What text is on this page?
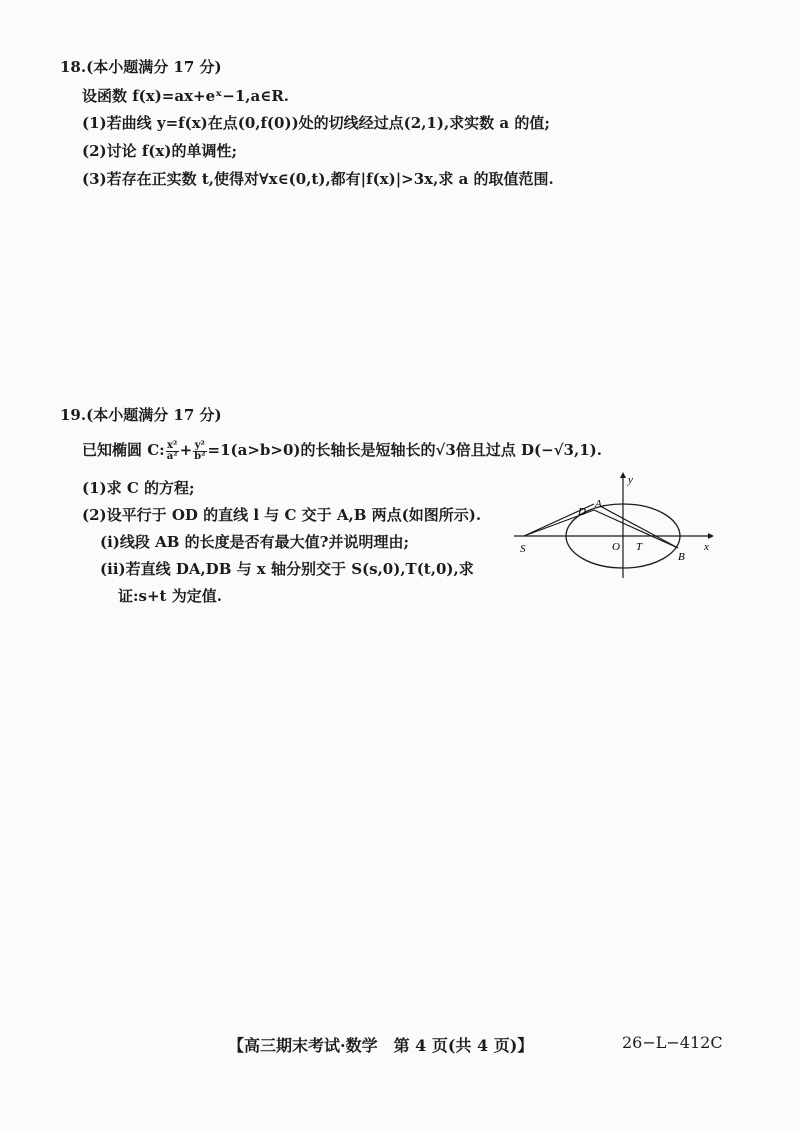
18.(本小题满分 17 分)
设函数 f(x)=ax+eˣ−1,a∈R.
(1)若曲线 y=f(x)在点(0,f(0))处的切线经过点(2,1),求实数 a 的值;
(2)讨论 f(x)的单调性;
(3)若存在正实数 t,使得对∀x∈(0,t),都有|f(x)|>3x,求 a 的取值范围.
19.(本小题满分 17 分)
已知椭圆 C: $\frac{\text{x²}}{\text{a²}} + \frac{\text{y²}}{\text{b²}} =1(a>b>0)$的长轴长是短轴长的√3倍且过点 D(−√3,1).
(1)求 C 的方程;
(2)设平行于 OD 的直线 l 与 C 交于 A,B 两点(如图所示).
(ⅰ)线段 AB 的长度是否有最大值?并说明理由;
(ⅱ)若直线 DA,DB 与 x 轴分别交于 S(s,0),T(t,0),求
证:s+t 为定值.
y
x
D
A
S	O T
B
【高三期末考试·数学　第 4 页(共 4 页)】	26−L−412C
